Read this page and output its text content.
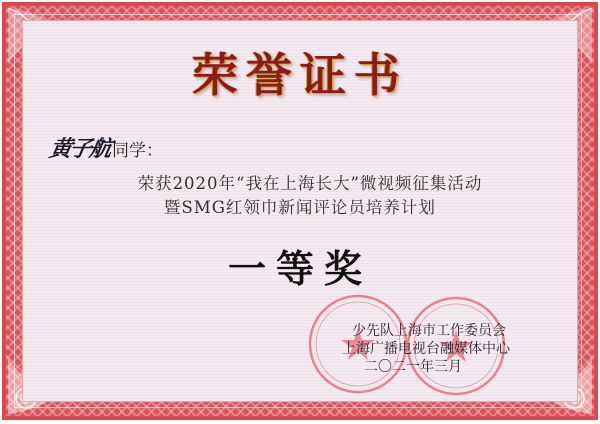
荣誉证书
黄子航 同学：
荣获2020年“我在上海长大”微视频征集活动
暨SMG红领巾新闻评论员培养计划
一等奖
少先队上海市工作委员会
上海广播电视台融媒体中心
二〇二一年三月
